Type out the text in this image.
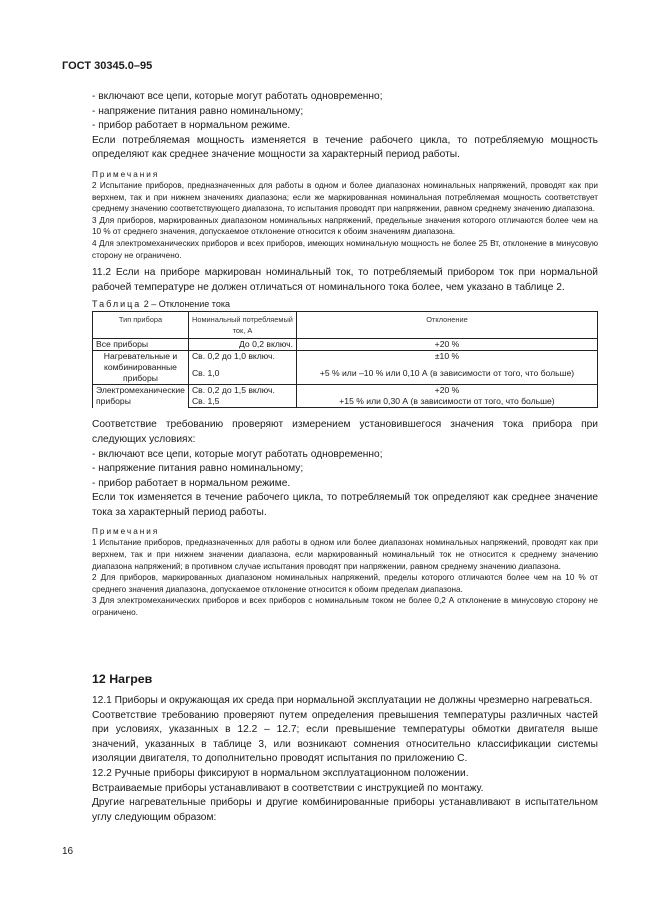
ГОСТ 30345.0–95

- включают все цепи, которые могут работать одновременно;

- напряжение питания равно номинальному;

- прибор работает в нормальном режиме.

Если потребляемая мощность изменяется в течение рабочего цикла, то потребляемую мощность определяют как среднее значение мощности за характерный период работы.

Примечания

2 Испытание приборов, предназначенных для работы в одном и более диапазонах номинальных напряжений, проводят как при верхнем, так и при нижнем значениях диапазона; если же маркированная номинальная потребляемая мощность соответствует среднему значению соответствующего диапазона, то испытания проводят при напряжении, равном среднему значению диапазона.

3 Для приборов, маркированных диапазоном номинальных напряжений, предельные значения которого отличаются более чем на 10 % от среднего значения, допускаемое отклонение относится к обоим значениям диапазона.

4 Для электромеханических приборов и всех приборов, имеющих номинальную мощность не более 25 Вт, отклонение в минусовую сторону не ограничено.

11.2 Если на приборе маркирован номинальный ток, то потребляемый прибором ток при нормальной рабочей температуре не должен отличаться от номинального тока более, чем указано в таблице 2.

Таблица 2 – Отклонение тока

Тип прибора	Номинальный потребляемый ток, А	Отклонение
Все приборы	До 0,2 включ.	+20 %
Нагревательные и комбинированные приборы	Св. 0,2 до 1,0 включ.	±10 %
	Св. 1,0	+5 % или –10 % или 0,10 А (в зависимости от того, что больше)
Электромеханические приборы	Св. 0,2 до 1,5 включ.	+20 %
	Св. 1,5	+15 % или 0,30 А (в зависимости от того, что больше)

Соответствие требованию проверяют измерением установившегося значения тока прибора при следующих условиях:

- включают все цепи, которые могут работать одновременно;

- напряжение питания равно номинальному;

- прибор работает в нормальном режиме.

Если ток изменяется в течение рабочего цикла, то потребляемый ток определяют как среднее значение тока за характерный период работы.

Примечания

1 Испытание приборов, предназначенных для работы в одном или более диапазонах номинальных напряжений, проводят как при верхнем, так и при нижнем значении диапазона, если маркированный номинальный ток не относится к среднему значению диапазона напряжений; в противном случае испытания проводят при напряжении, равном среднему значению диапазона.

2 Для приборов, маркированных диапазоном номинальных напряжений, пределы которого отличаются более чем на 10 % от среднего значения диапазона, допускаемое отклонение относится к обоим пределам диапазона.

3 Для электромеханических приборов и всех приборов с номинальным током не более 0,2 А отклонение в минусовую сторону не ограничено.

12 Нагрев

12.1 Приборы и окружающая их среда при нормальной эксплуатации не должны чрезмерно нагреваться.

Соответствие требованию проверяют путем определения превышения температуры различных частей при условиях, указанных в 12.2 – 12.7; если превышение температуры обмотки двигателя выше значений, указанных в таблице 3, или возникают сомнения относительно классификации системы изоляции двигателя, то дополнительно проводят испытания по приложению С.

12.2 Ручные приборы фиксируют в нормальном эксплуатационном положении.

Встраиваемые приборы устанавливают в соответствии с инструкцией по монтажу.

Другие нагревательные приборы и другие комбинированные приборы устанавливают в испытательном углу следующим образом:

16
